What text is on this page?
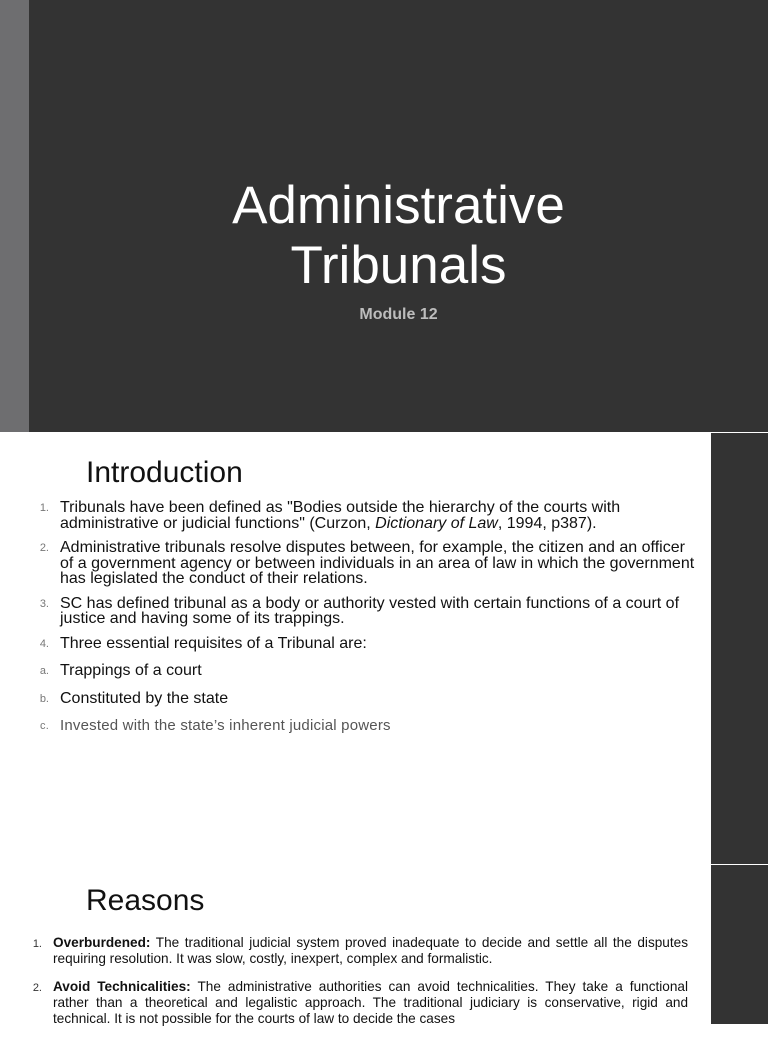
Administrative
Tribunals
Module 12
Introduction
1. Tribunals have been defined as "Bodies outside the hierarchy of the courts with administrative or judicial functions" (Curzon, Dictionary of Law, 1994, p387).
2. Administrative tribunals resolve disputes between, for example, the citizen and an officer of a government agency or between individuals in an area of law in which the government has legislated the conduct of their relations.
3. SC has defined tribunal as a body or authority vested with certain functions of a court of justice and having some of its trappings.
4. Three essential requisites of a Tribunal are:
a. Trappings of a court
b. Constituted by the state
c. Invested with the state’s inherent judicial powers
Reasons
1. Overburdened: The traditional judicial system proved inadequate to decide and settle all the disputes requiring resolution. It was slow, costly, inexpert, complex and formalistic.
2. Avoid Technicalities: The administrative authorities can avoid technicalities. They take a functional rather than a theoretical and legalistic approach. The traditional judiciary is conservative, rigid and technical. It is not possible for the courts of law to decide the cases
